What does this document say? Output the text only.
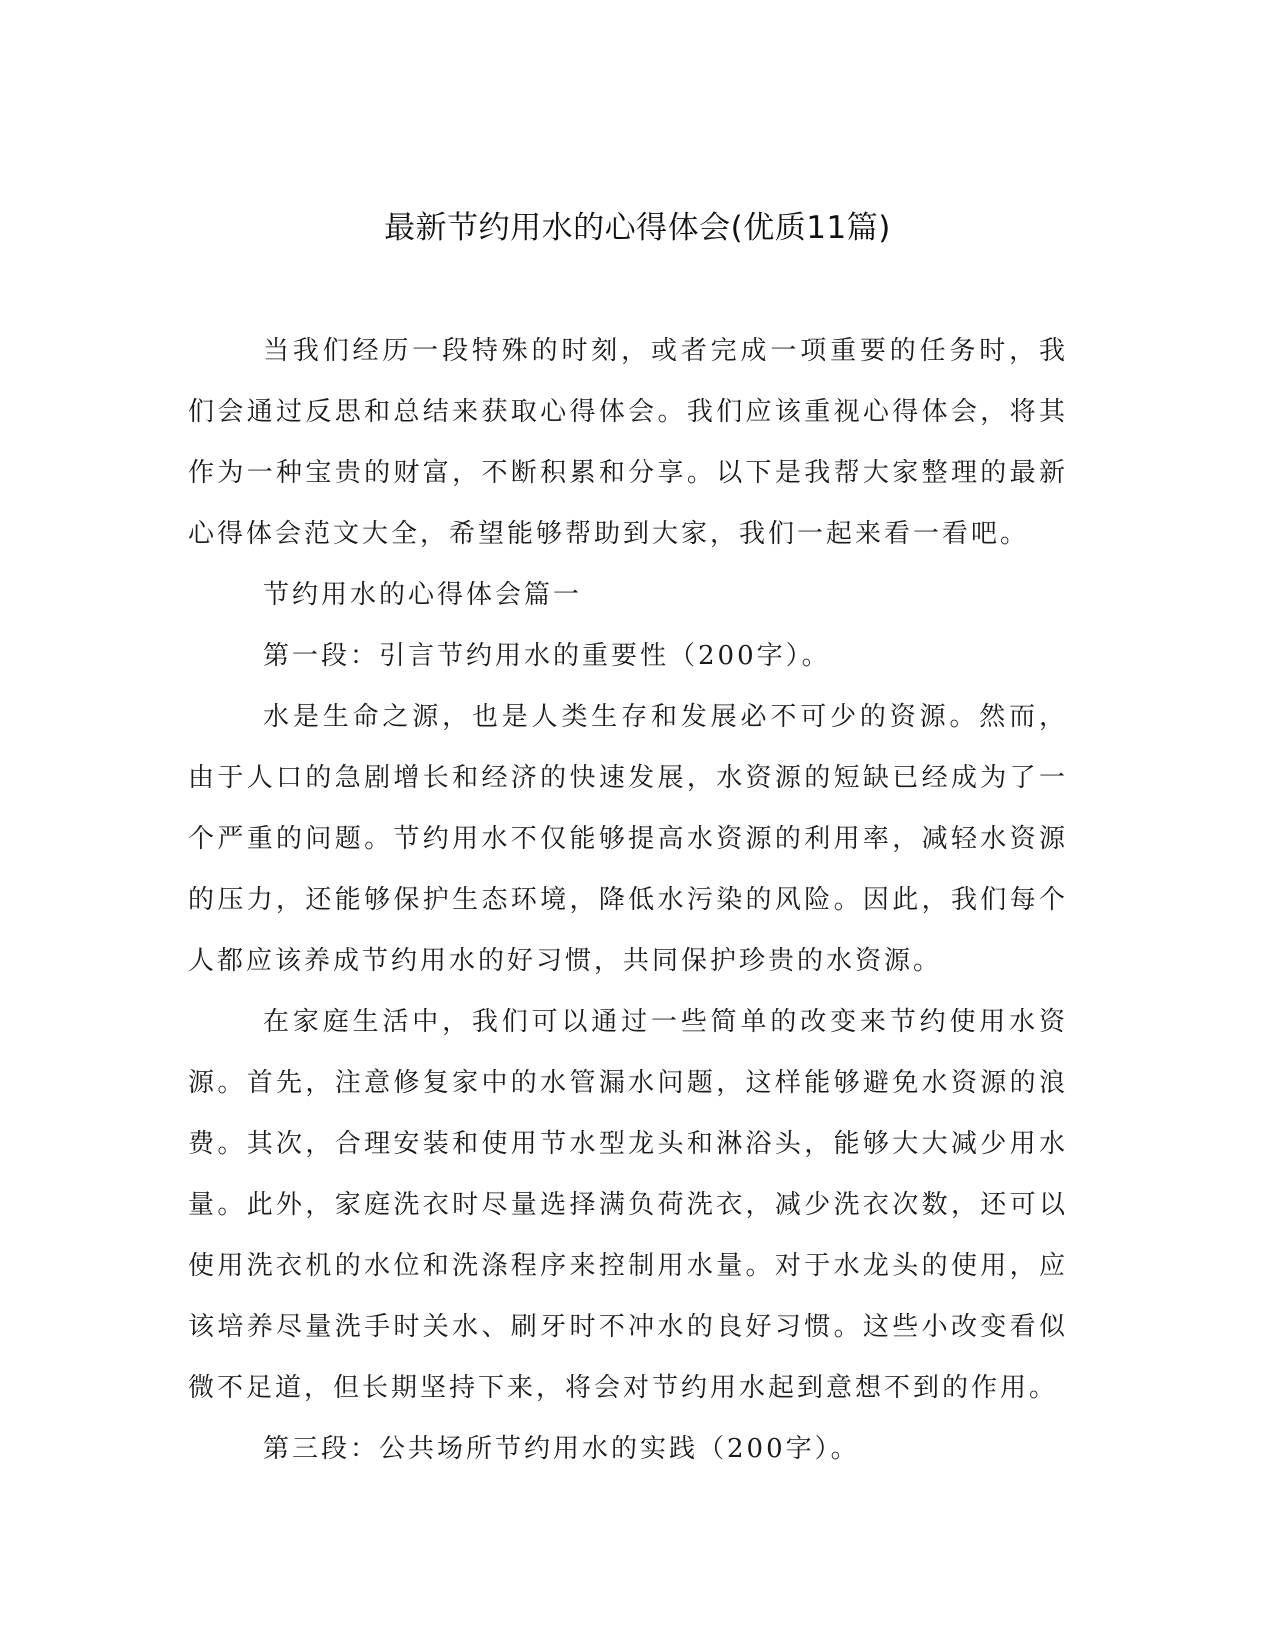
最新节约用水的心得体会(优质11篇)

当我们经历一段特殊的时刻，或者完成一项重要的任务时，我们会通过反思和总结来获取心得体会。我们应该重视心得体会，将其作为一种宝贵的财富，不断积累和分享。以下是我帮大家整理的最新心得体会范文大全，希望能够帮助到大家，我们一起来看一看吧。

节约用水的心得体会篇一

第一段：引言节约用水的重要性（200字）。

水是生命之源，也是人类生存和发展必不可少的资源。然而，由于人口的急剧增长和经济的快速发展，水资源的短缺已经成为了一个严重的问题。节约用水不仅能够提高水资源的利用率，减轻水资源的压力，还能够保护生态环境，降低水污染的风险。因此，我们每个人都应该养成节约用水的好习惯，共同保护珍贵的水资源。

在家庭生活中，我们可以通过一些简单的改变来节约使用水资源。首先，注意修复家中的水管漏水问题，这样能够避免水资源的浪费。其次，合理安装和使用节水型龙头和淋浴头，能够大大减少用水量。此外，家庭洗衣时尽量选择满负荷洗衣，减少洗衣次数，还可以使用洗衣机的水位和洗涤程序来控制用水量。对于水龙头的使用，应该培养尽量洗手时关水、刷牙时不冲水的良好习惯。这些小改变看似微不足道，但长期坚持下来，将会对节约用水起到意想不到的作用。

第三段：公共场所节约用水的实践（200字）。
